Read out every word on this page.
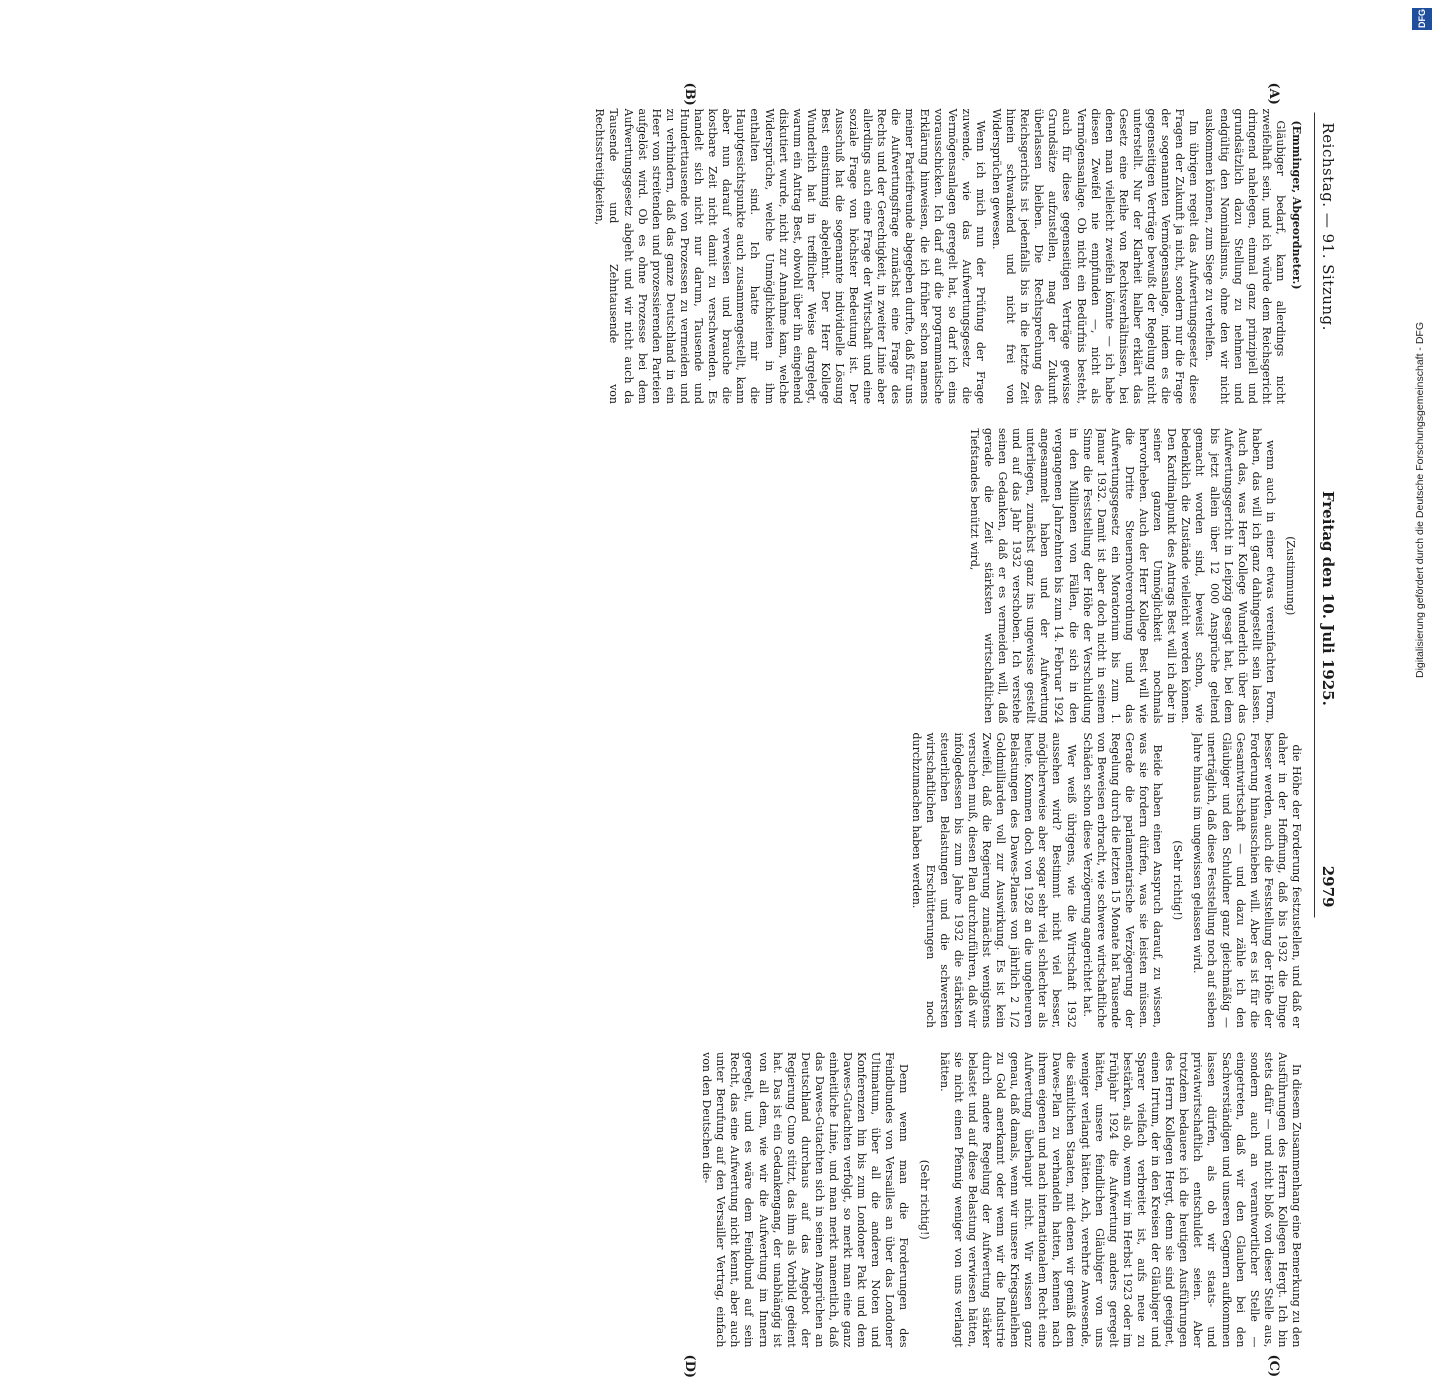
Reichstag. — 91. Sitzung.
Freitag den 10. Juli 1925.
2979
(A)
(B)
(C)
(D)

(Emminger, Abgeordneter.)

Gläubiger bedarf, kann allerdings nicht zweifelhaft sein, und ich würde dem Reichsgericht dringend nahelegen, einmal ganz prinzipiell und grundsätzlich dazu Stellung zu nehmen und endgültig den Nominalismus, ohne den wir nicht auskommen können, zum Siege zu verhelfen.

Im übrigen regelt das Aufwertungsgesetz diese Fragen der Zukunft ja nicht, sondern nur die Frage der sogenannten Vermögensanlage, indem es die gegenseitigen Verträge bewußt der Regelung nicht unterstellt. Nur der Klarheit halber erklärt das Gesetz eine Reihe von Rechtsverhältnissen, bei denen man vielleicht zweifeln könnte — ich habe diesen Zweifel nie empfunden —, nicht als Vermögensanlage. Ob nicht ein Bedürfnis besteht, auch für diese gegenseitigen Verträge gewisse Grundsätze aufzustellen, mag der Zukunft überlassen bleiben. Die Rechtsprechung des Reichsgerichts ist jedenfalls bis in die letzte Zeit hinein schwankend und nicht frei von Widersprüchen gewesen.

Wenn ich mich nun der Prüfung der Frage zuwende, wie das Aufwertungsgesetz die Vermögensanlagen geregelt hat, so darf ich eins vorausschicken. Ich darf auf die programmatische Erklärung hinweisen, die ich früher schon namens meiner Parteifreunde abgegeben durfte, daß für uns die Aufwertungsfrage zunächst eine Frage des Rechts und der Gerechtigkeit, in zweiter Linie aber allerdings auch eine Frage der Wirtschaft und eine soziale Frage von höchster Bedeutung ist. Der Ausschuß hat die sogenannte individuelle Lösung Best einstimmig abgelehnt. Der Herr Kollege Wunderlich hat in trefflicher Weise dargelegt, warum ein Antrag Best, obwohl über ihn eingehend diskutiert wurde, nicht zur Annahme kam, welche Widersprüche, welche Unmöglichkeiten in ihm enthalten sind. Ich hatte mir die Hauptgesichtspunkte auch zusammengestellt, kann aber nun darauf verweisen und brauche die kostbare Zeit nicht damit zu verschwenden. Es handelt sich nicht nur darum, Tausende und Hunderttausende von Prozessen zu vermeiden und zu verhindern, daß das ganze Deutschland in ein Heer von streitenden und prozessierenden Parteien aufgelöst wird. Ob es ohne Prozesse bei dem Aufwertungsgesetz abgeht und wir nicht auch da Tausende und Zehntausende von Rechtsstreitigkeiten,

(Zustimmung)

wenn auch in einer etwas vereinfachten Form, haben, das will ich ganz dahingestellt sein lassen. Auch das, was Herr Kollege Wunderlich über das Aufwertungsgericht in Leipzig gesagt hat, bei dem bis jetzt allein über 12 000 Ansprüche geltend gemacht worden sind, beweist schon, wie bedenklich die Zustände vielleicht werden können. Den Kardinalpunkt des Antrags Best will ich aber in seiner ganzen Unmöglichkeit nochmals hervorheben. Auch der Herr Kollege Best will wie die Dritte Steuernotverordnung und das Aufwertungsgesetz ein Moratorium bis zum 1. Januar 1932. Damit ist aber doch nicht in seinem Sinne die Feststellung der Höhe der Verschuldung in den Millionen von Fällen, die sich in den vergangenen Jahrzehnten bis zum 14. Februar 1924 angesammelt haben und der Aufwertung unterliegen, zunächst ganz ins ungewisse gestellt und auf das Jahr 1932 verschoben. Ich verstehe seinen Gedanken, daß er es vermeiden will, daß gerade die Zeit stärksten wirtschaftlichen Tiefstandes benützt wird,

die Höhe der Forderung festzustellen, und daß er daher in der Hoffnung, daß bis 1932 die Dinge besser werden, auch die Feststellung der Höhe der Forderung hinausschieben will. Aber es ist für die Gesamtwirtschaft — und dazu zähle ich den Gläubiger und den Schuldner ganz gleichmäßig — unerträglich, daß diese Feststellung noch auf sieben Jahre hinaus im ungewissen gelassen wird.

(Sehr richtig!)

Beide haben einen Anspruch darauf, zu wissen, was sie fordern dürfen, was sie leisten müssen. Gerade die parlamentarische Verzögerung der Regelung durch die letzten 15 Monate hat Tausende von Beweisen erbracht, wie schwere wirtschaftliche Schäden schon diese Verzögerung angerichtet hat.

Wer weiß übrigens, wie die Wirtschaft 1932 aussehen wird? Bestimmt nicht viel besser, möglicherweise aber sogar sehr viel schlechter als heute. Kommen doch von 1928 an die ungeheuren Belastungen des Dawes-Planes von jährlich 2 1/2 Goldmilliarden voll zur Auswirkung. Es ist kein Zweifel, daß die Regierung zunächst wenigstens versuchen muß, diesen Plan durchzuführen, daß wir infolgedessen bis zum Jahre 1932 die stärksten steuerlichen Belastungen und die schwersten wirtschaftlichen Erschütterungen noch durchzumachen haben werden.

In diesem Zusammenhang eine Bemerkung zu den Ausführungen des Herrn Kollegen Hergt. Ich bin stets dafür — und nicht bloß von dieser Stelle aus, sondern auch an verantwortlicher Stelle — eingetreten, daß wir den Glauben bei den Sachverständigen und unseren Gegnern aufkommen lassen dürfen, als ob wir staats- und privatwirtschaftlich entschuldet seien. Aber trotzdem bedauere ich die heutigen Ausführungen des Herrn Kollegen Hergt, denn sie sind geeignet, einen Irrtum, der in den Kreisen der Gläubiger und Sparer vielfach verbreitet ist, aufs neue zu bestärken, als ob, wenn wir im Herbst 1923 oder im Frühjahr 1924 die Aufwertung anders geregelt hätten, unsere feindlichen Gläubiger von uns weniger verlangt hätten. Ach, verehrte Anwesende, die sämtlichen Staaten, mit denen wir gemäß dem Dawes-Plan zu verhandeln hatten, kennen nach ihrem eigenen und nach internationalem Recht eine Aufwertung überhaupt nicht. Wir wissen ganz genau, daß damals, wenn wir unsere Kriegsanleihen zu Gold anerkannt oder wenn wir die Industrie durch andere Regelung der Aufwertung stärker belastet und auf diese Belastung verwiesen hätten, sie nicht einen Pfennig weniger von uns verlangt hätten.

(Sehr richtig!)

Denn wenn man die Forderungen des Feindbundes von Versailles an über das Londoner Ultimatum, über all die anderen Noten und Konferenzen hin bis zum Londoner Pakt und dem Dawes-Gutachten verfolgt, so merkt man eine ganz einheitliche Linie, und man merkt namentlich, daß das Dawes-Gutachten sich in seinen Ansprüchen an Deutschland durchaus auf das Angebot der Regierung Cuno stützt, das ihm als Vorbild gedient hat. Das ist ein Gedankengang, der unabhängig ist von all dem, wie wir die Aufwertung im Innern geregelt, und es wäre dem Feindbund auf sein Recht, das eine Aufwertung nicht kennt, aber auch unter Berufung auf den Versailler Vertrag, einfach von den Deutschen die-

Digitalisierung gefördert durch die Deutsche Forschungsgemeinschaft - DFG
DFG
